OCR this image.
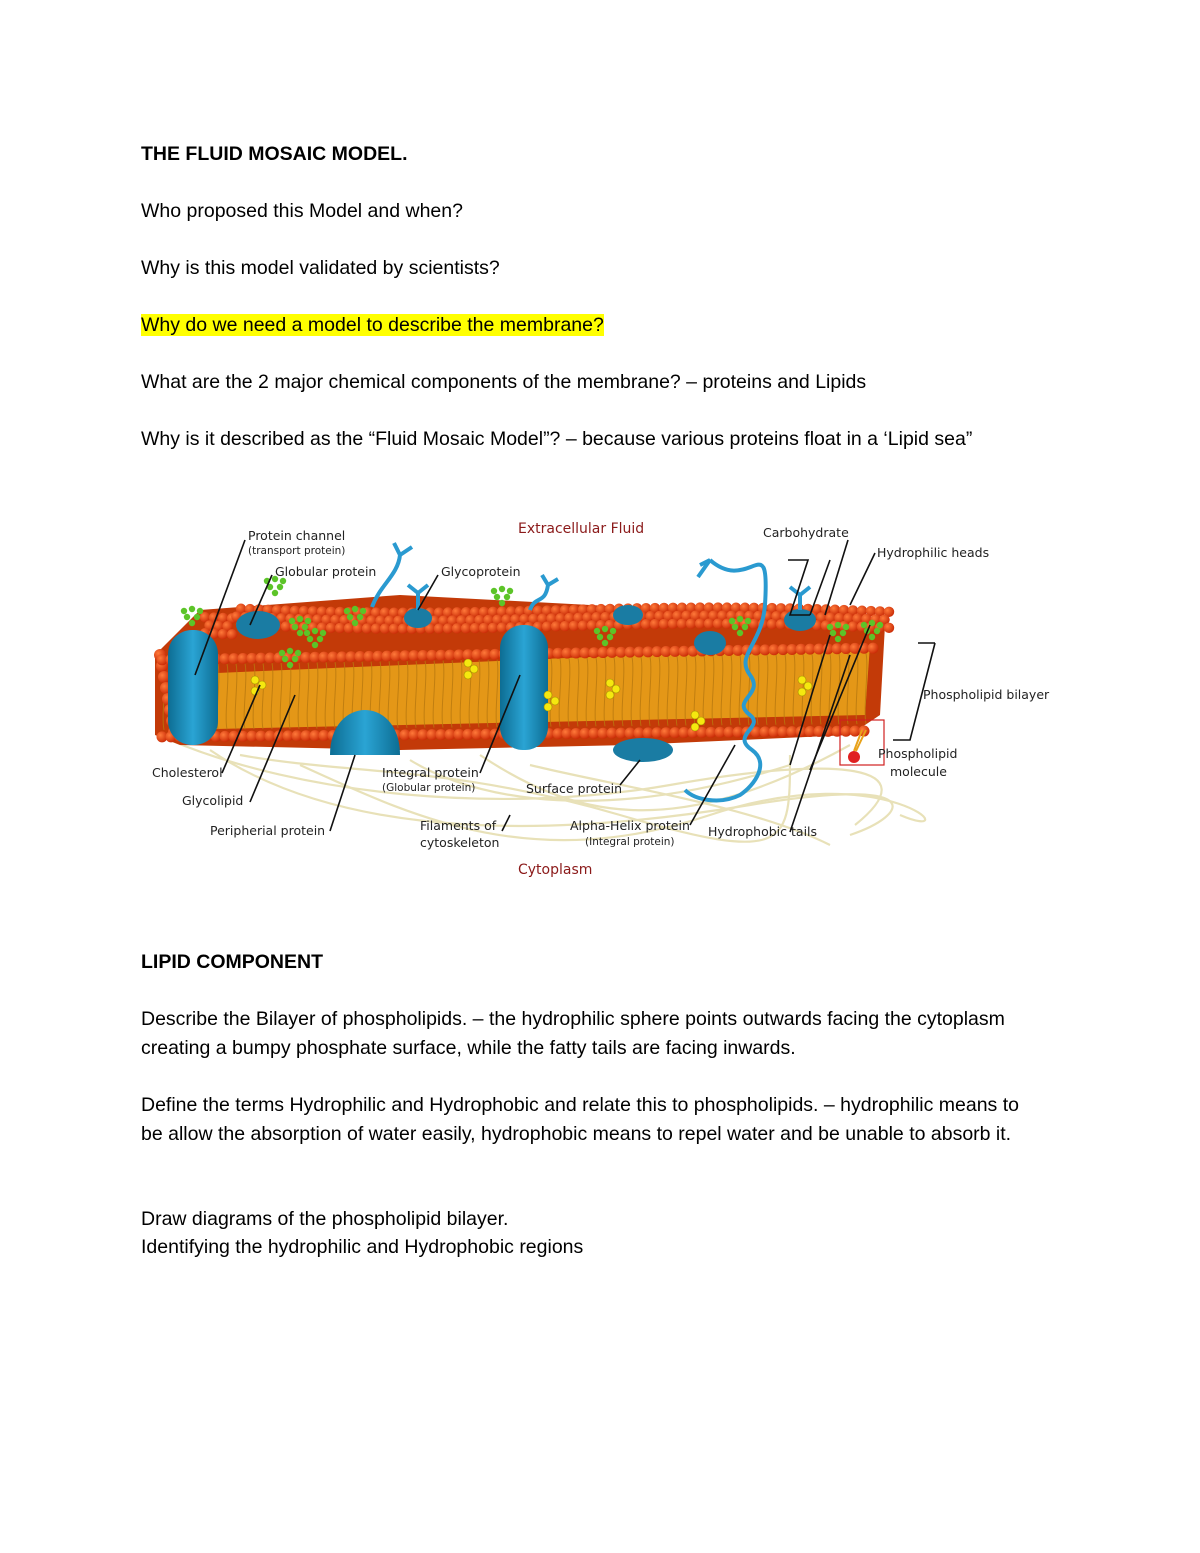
THE FLUID MOSAIC MODEL.

Who proposed this Model and when?

Why is this model validated by scientists?

Why do we need a model to describe the membrane?

What are the 2 major chemical components of the membrane? – proteins and Lipids

Why is it described as the “Fluid Mosaic Model”? – because various proteins float in a ‘Lipid sea”

Extracellular Fluid
Cytoplasm
Protein channel
(transport protein)
Globular protein	Glycoprotein
Carbohydrate
Hydrophilic heads
Phospholipid bilayer
Phospholipid
molecule
Cholesterol
Glycolipid
Peripherial protein
Integral protein
(Globular protein)	Surface protein
Filaments of
cytoskeleton
Alpha-Helix protein
(Integral protein)
Hydrophobic tails

LIPID COMPONENT

Describe the Bilayer of phospholipids. – the hydrophilic sphere points outwards facing the cytoplasm creating a bumpy phosphate surface, while the fatty tails are facing inwards.

Define the terms Hydrophilic and Hydrophobic and relate this to phospholipids. – hydrophilic means to be allow the absorption of water easily, hydrophobic means to repel water and be unable to absorb it.

Draw diagrams of the phospholipid bilayer.

Identifying the hydrophilic and Hydrophobic regions
